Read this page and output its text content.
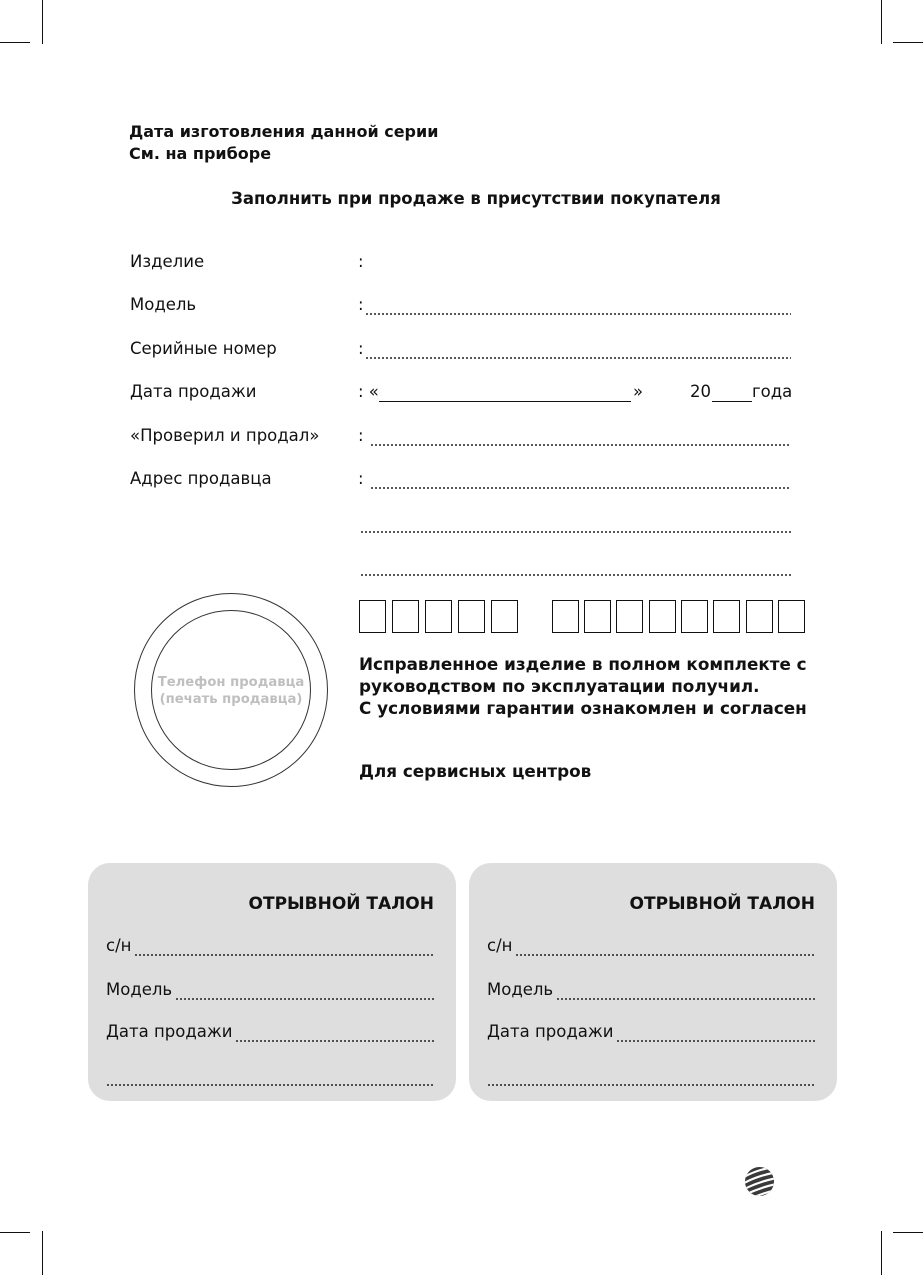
Дата изготовления данной серии
См. на приборе
Заполнить при продаже в присутствии покупателя
Изделие	:
Модель	:
Серийные номер	:
Дата продажи	: «	»	20 года
«Проверил и продал» :
Адрес продавца	:
Телефон продавца
(печать продавца)
Исправленное изделие в полном комплекте с
руководством по эксплуатации получил.
С условиями гарантии ознакомлен и согласен
Для сервисных центров
ОТРЫВНОЙ ТАЛОН
с/н
Модель
Дата продажи
ОТРЫВНОЙ ТАЛОН
с/н
Модель
Дата продажи
